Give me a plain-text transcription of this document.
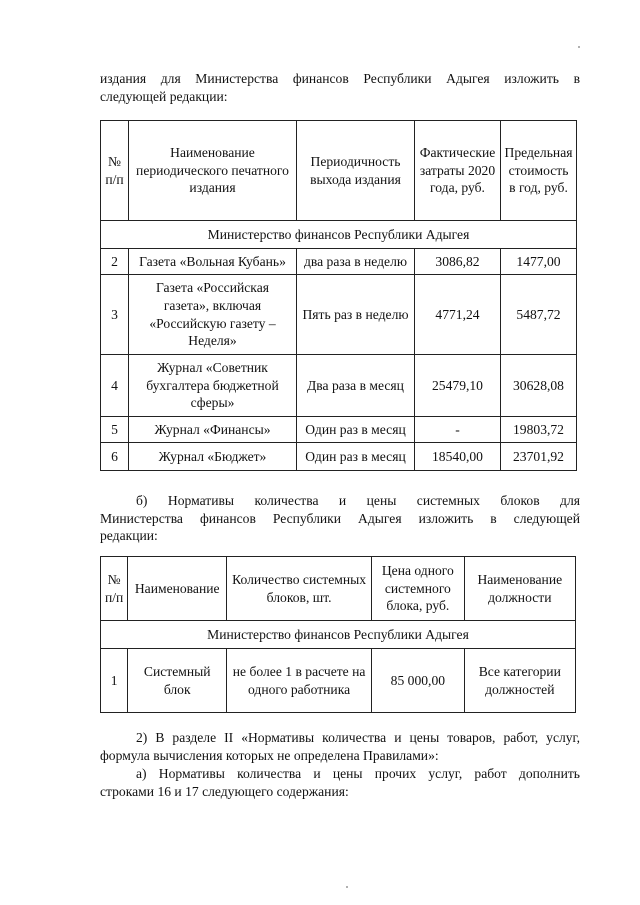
издания для Министерства финансов Республики Адыгея изложить в
следующей редакции:

№ п/п	Наименование периодического печатного издания	Периодичность выхода издания	Фактические затраты 2020 года, руб.	Предельная стоимость в год, руб.
Министерство финансов Республики Адыгея				
2	Газета «Вольная Кубань»	два раза в неделю	3086,82	1477,00
3	Газета «Российская газета», включая «Российскую газету – Неделя»	Пять раз в неделю	4771,24	5487,72
4	Журнал «Советник бухгалтера бюджетной сферы»	Два раза в месяц	25479,10	30628,08
5	Журнал «Финансы»	Один раз в месяц	-	19803,72
6	Журнал «Бюджет»	Один раз в месяц	18540,00	23701,92

б) Нормативы количества и цены системных блоков для
Министерства финансов Республики Адыгея изложить в следующей
редакции:

№ п/п	Наименование	Количество системных блоков, шт.	Цена одного системного блока, руб.	Наименование должности
Министерство финансов Республики Адыгея				
1	Системный блок	не более 1 в расчете на одного работника	85 000,00	Все категории должностей

2) В разделе II «Нормативы количества и цены товаров, работ, услуг,
формула вычисления которых не определена Правилами»:

а) Нормативы количества и цены прочих услуг, работ дополнить
строками 16 и 17 следующего содержания:
